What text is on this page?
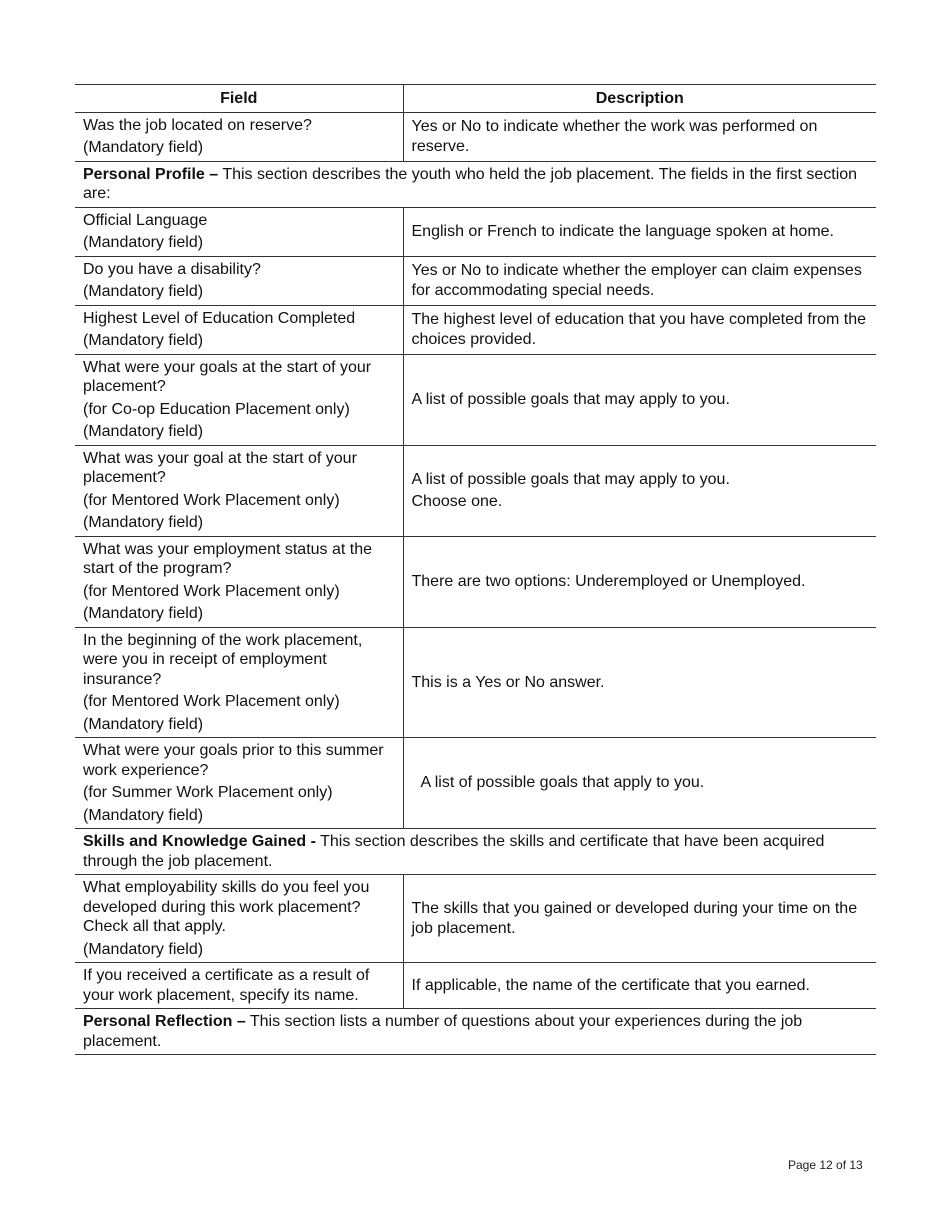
Field	Description

Was the job located on reserve?
(Mandatory field)	Yes or No to indicate whether the work was performed on reserve.

Personal Profile – This section describes the youth who held the job placement. The fields in the first section are:	

Official Language
(Mandatory field)	English or French to indicate the language spoken at home.

Do you have a disability?
(Mandatory field)	Yes or No to indicate whether the employer can claim expenses for accommodating special needs.

Highest Level of Education Completed
(Mandatory field)	The highest level of education that you have completed from the choices provided.

What were your goals at the start of your placement?
(for Co-op Education Placement only)
(Mandatory field)	A list of possible goals that may apply to you.

What was your goal at the start of your placement?
(for Mentored Work Placement only)
(Mandatory field)	A list of possible goals that may apply to you.
Choose one.

What was your employment status at the start of the program?
(for Mentored Work Placement only)
(Mandatory field)	There are two options: Underemployed or Unemployed.

In the beginning of the work placement, were you in receipt of employment insurance?
(for Mentored Work Placement only)
(Mandatory field)	This is a Yes or No answer.

What were your goals prior to this summer work experience?
(for Summer Work Placement only)
(Mandatory field)	A list of possible goals that apply to you.

Skills and Knowledge Gained - This section describes the skills and certificate that have been acquired through the job placement.	

What employability skills do you feel you developed during this work placement? Check all that apply.
(Mandatory field)	The skills that you gained or developed during your time on the job placement.

If you received a certificate as a result of your work placement, specify its name.	If applicable, the name of the certificate that you earned.

Personal Reflection – This section lists a number of questions about your experiences during the job placement.	
Page 12 of 13
